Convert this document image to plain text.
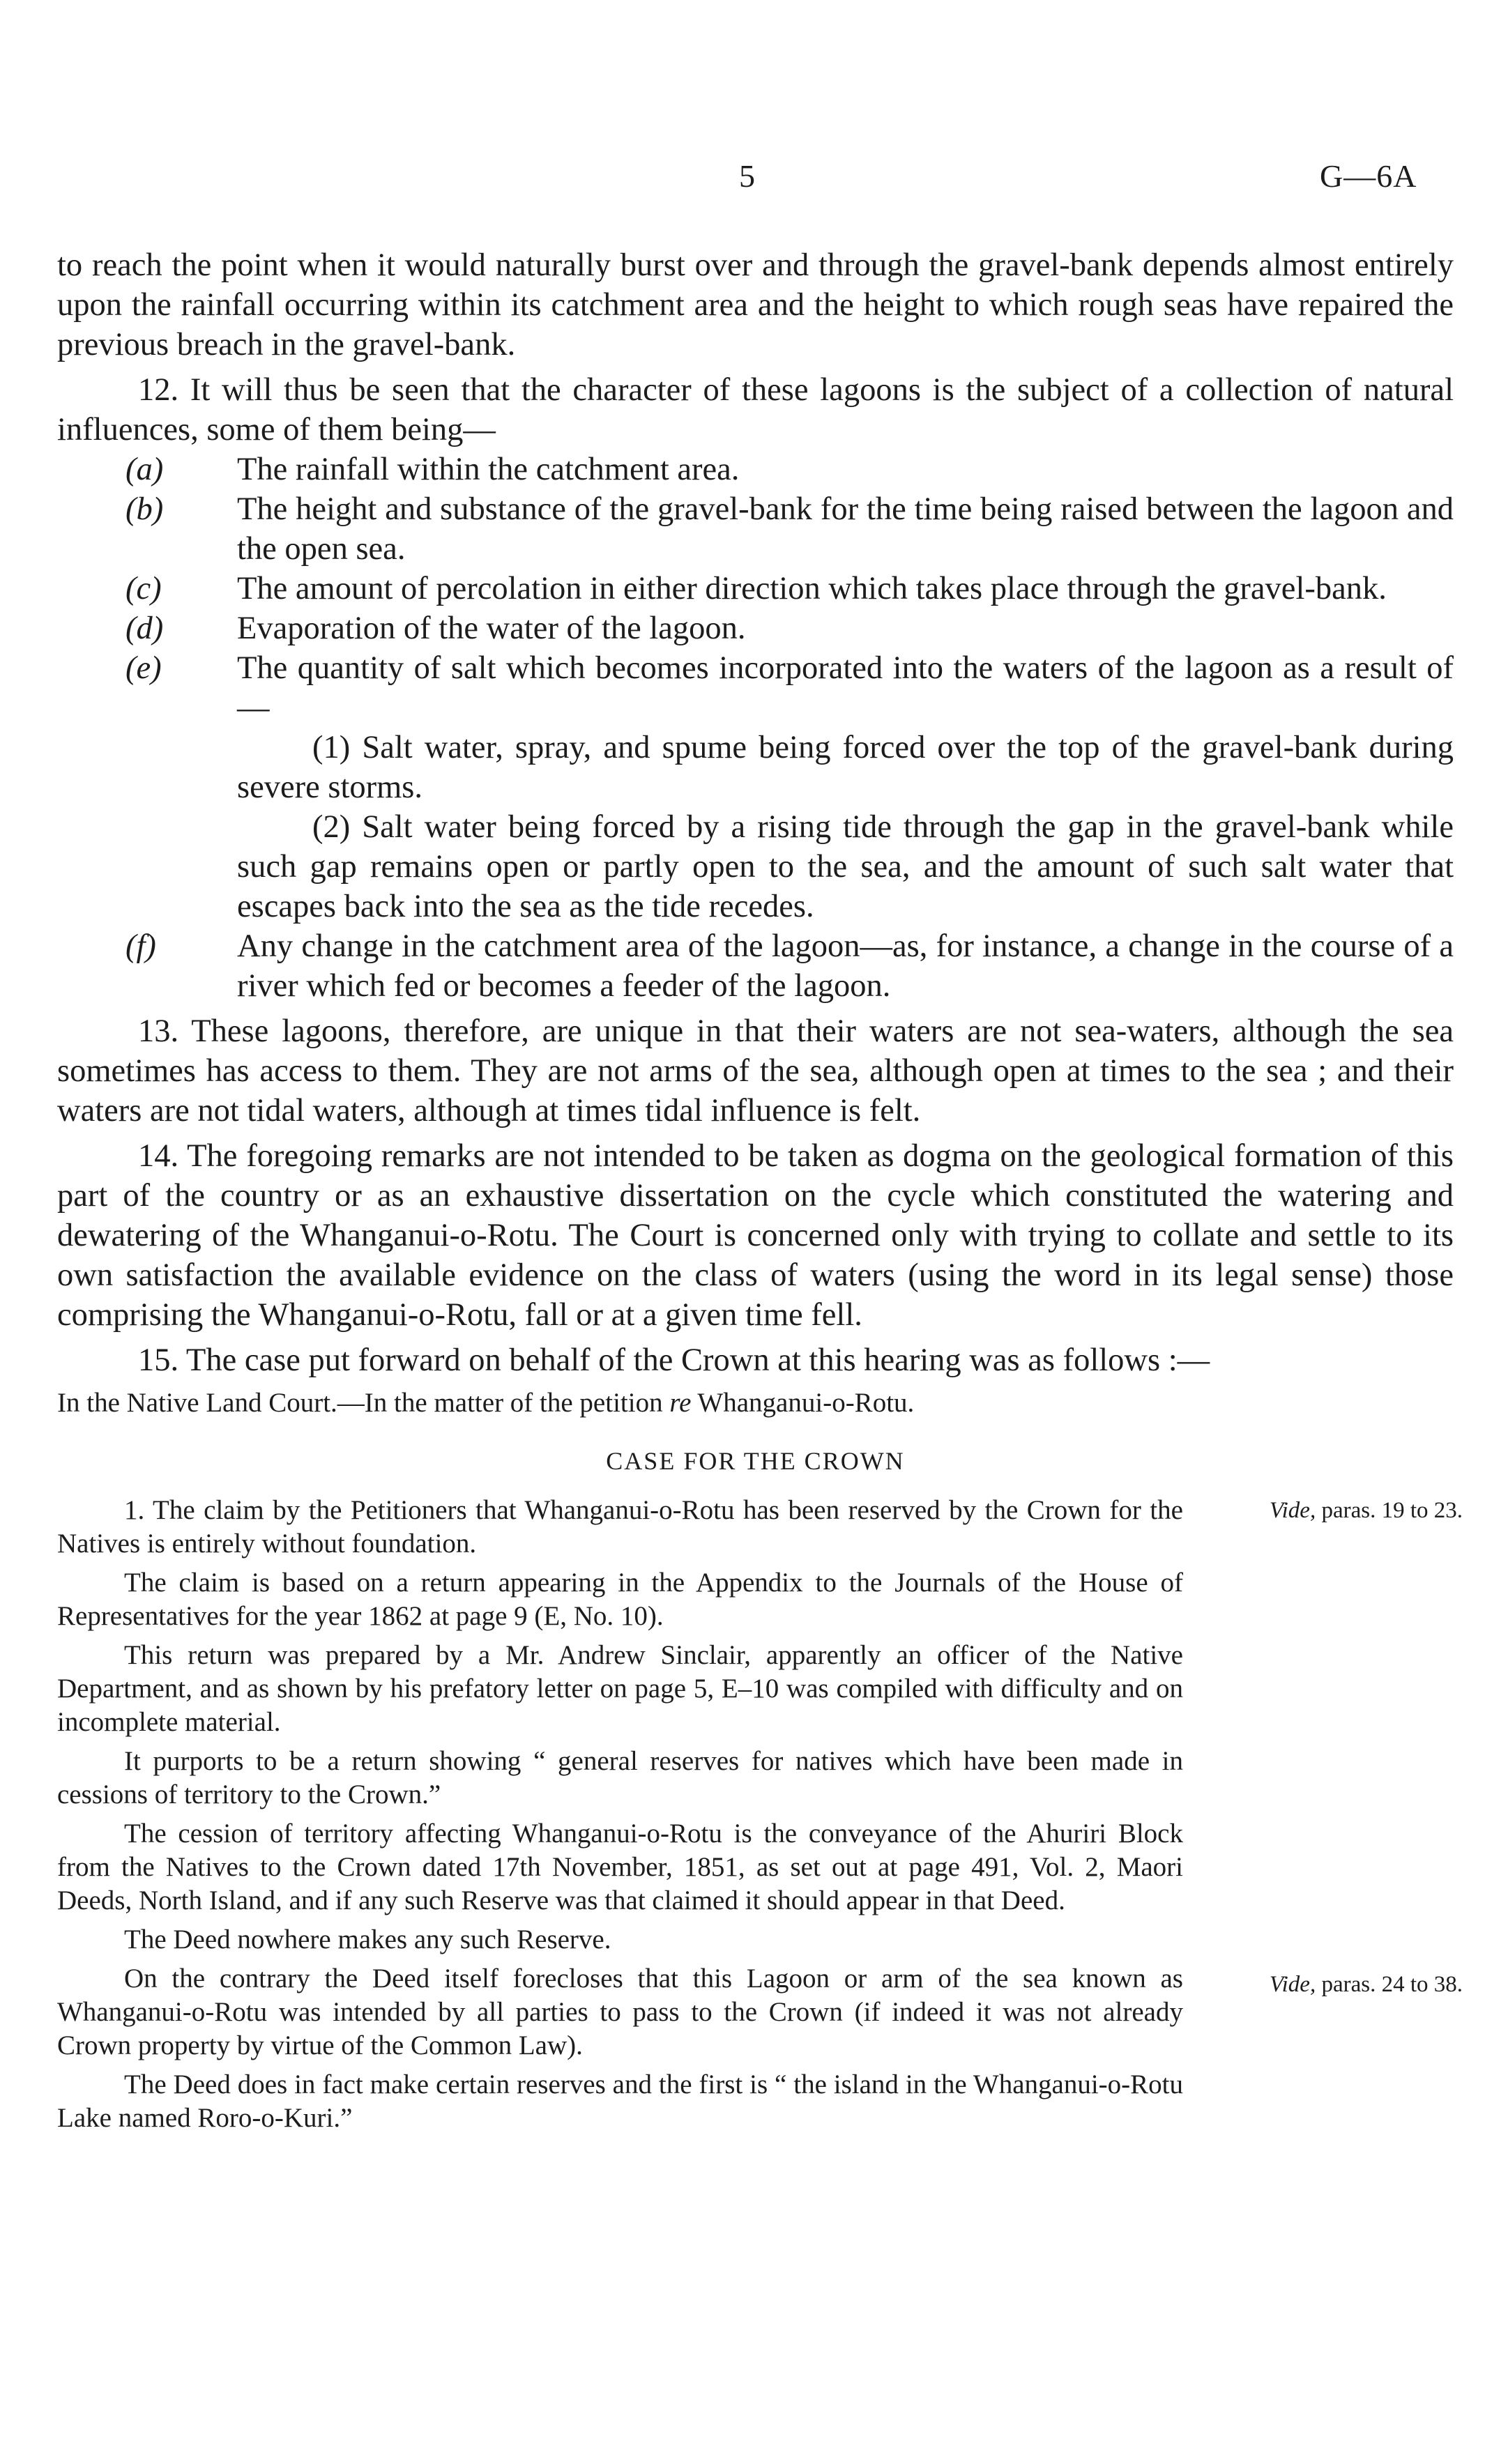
5	G—6A

to reach the point when it would naturally burst over and through the gravel-bank depends almost entirely upon the rainfall occurring within its catchment area and the height to which rough seas have repaired the previous breach in the gravel-bank.

12. It will thus be seen that the character of these lagoons is the subject of a collection of natural influences, some of them being—

(a) The rainfall within the catchment area.

(b) The height and substance of the gravel-bank for the time being raised between the lagoon and the open sea.

(c) The amount of percolation in either direction which takes place through the gravel-bank.

(d) Evaporation of the water of the lagoon.

(e) The quantity of salt which becomes incorporated into the waters of the lagoon as a result of—

(1) Salt water, spray, and spume being forced over the top of the gravel-bank during severe storms.

(2) Salt water being forced by a rising tide through the gap in the gravel-bank while such gap remains open or partly open to the sea, and the amount of such salt water that escapes back into the sea as the tide recedes.

(f) Any change in the catchment area of the lagoon—as, for instance, a change in the course of a river which fed or becomes a feeder of the lagoon.

13. These lagoons, therefore, are unique in that their waters are not sea-waters, although the sea sometimes has access to them. They are not arms of the sea, although open at times to the sea ; and their waters are not tidal waters, although at times tidal influence is felt.

14. The foregoing remarks are not intended to be taken as dogma on the geological formation of this part of the country or as an exhaustive dissertation on the cycle which constituted the watering and dewatering of the Whanganui-o-Rotu. The Court is concerned only with trying to collate and settle to its own satisfaction the available evidence on the class of waters (using the word in its legal sense) those comprising the Whanganui-o-Rotu, fall or at a given time fell.

15. The case put forward on behalf of the Crown at this hearing was as follows :—

In the Native Land Court.—In the matter of the petition re Whanganui-o-Rotu.

CASE FOR THE CROWN

1. The claim by the Petitioners that Whanganui-o-Rotu has been reserved by the Crown for the Natives is entirely without foundation.

The claim is based on a return appearing in the Appendix to the Journals of the House of Representatives for the year 1862 at page 9 (E, No. 10).

This return was prepared by a Mr. Andrew Sinclair, apparently an officer of the Native Department, and as shown by his prefatory letter on page 5, E–10 was compiled with difficulty and on incomplete material.

It purports to be a return showing “ general reserves for natives which have been made in cessions of territory to the Crown.”

The cession of territory affecting Whanganui-o-Rotu is the conveyance of the Ahuriri Block from the Natives to the Crown dated 17th November, 1851, as set out at page 491, Vol. 2, Maori Deeds, North Island, and if any such Reserve was that claimed it should appear in that Deed.

The Deed nowhere makes any such Reserve.

On the contrary the Deed itself forecloses that this Lagoon or arm of the sea known as Whanganui-o-Rotu was intended by all parties to pass to the Crown (if indeed it was not already Crown property by virtue of the Common Law).

The Deed does in fact make certain reserves and the first is “ the island in the Whanganui-o-Rotu Lake named Roro-o-Kuri.”

Vide, paras. 19 to 23.
Vide, paras. 24 to 38.
